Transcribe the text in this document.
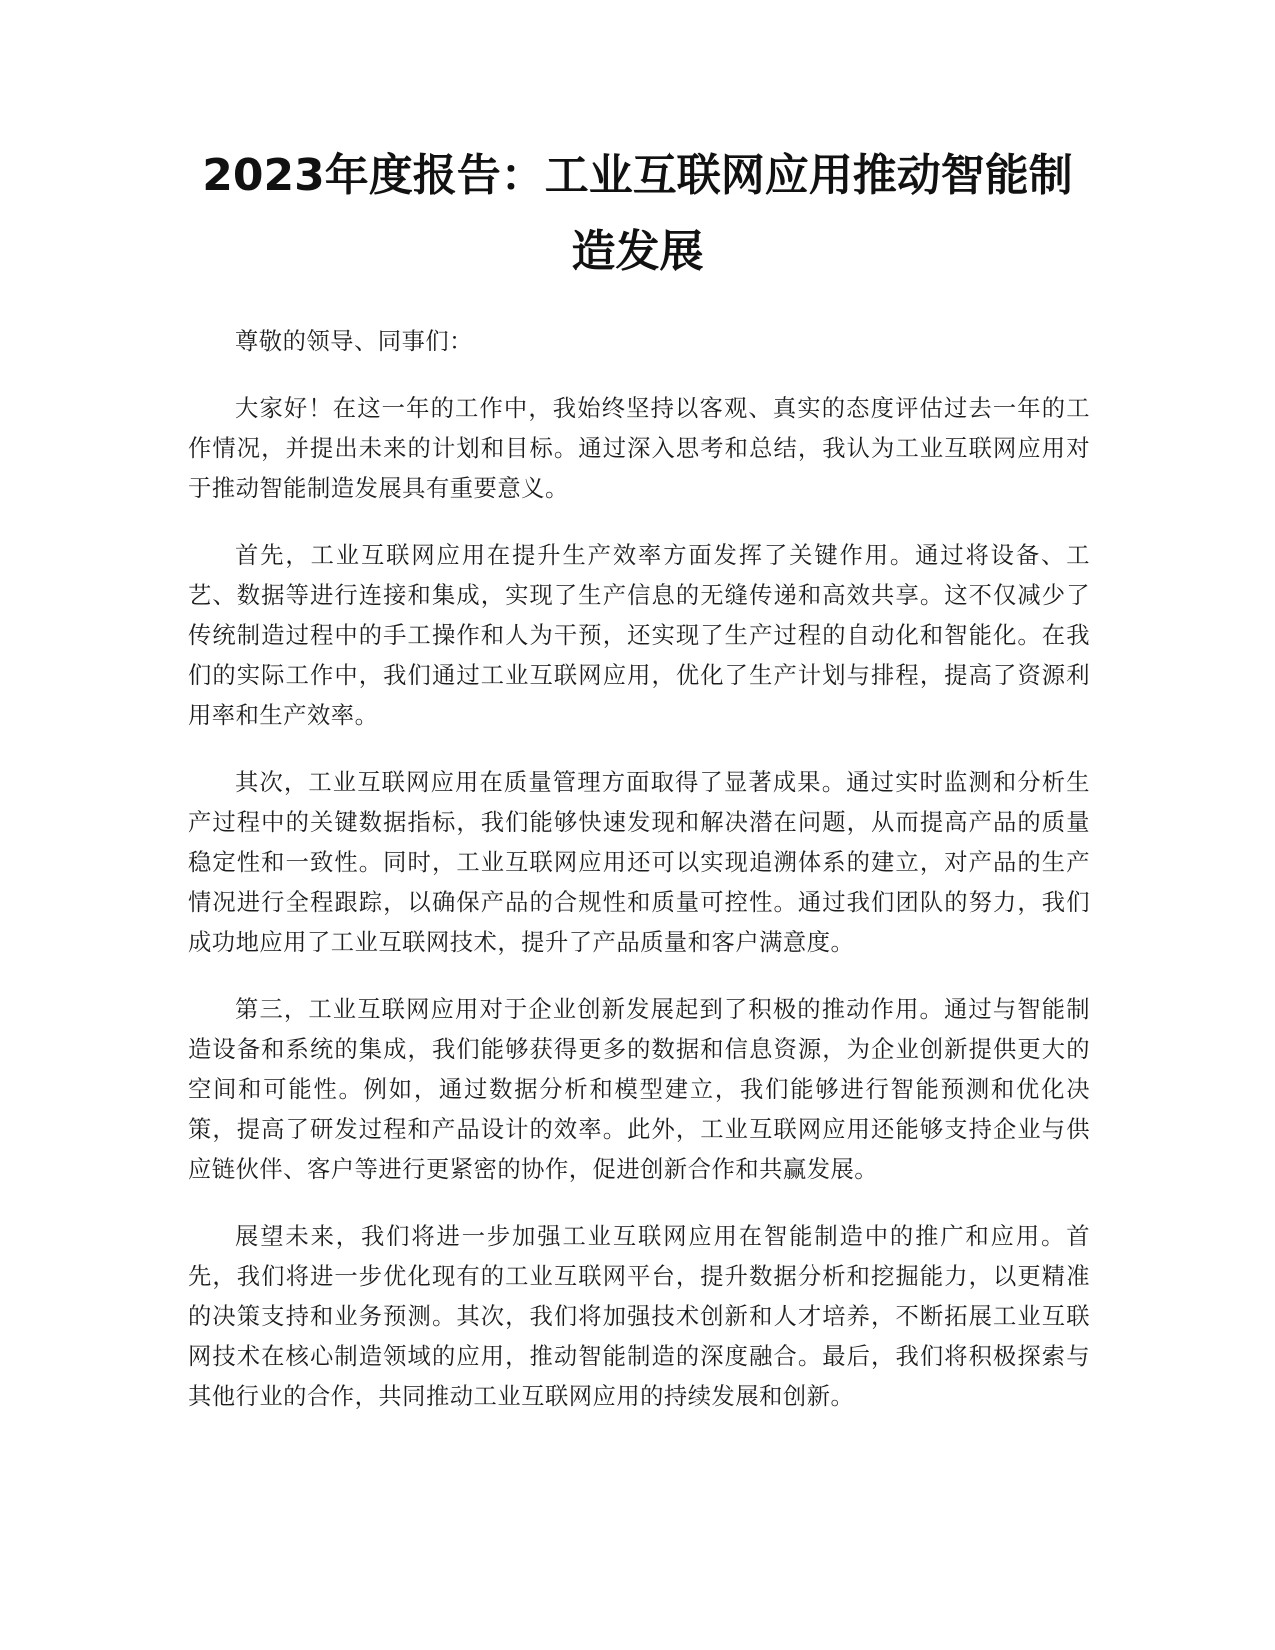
2023年度报告：工业互联网应用推动智能制造发展

尊敬的领导、同事们：

大家好！在这一年的工作中，我始终坚持以客观、真实的态度评估过去一年的工作情况，并提出未来的计划和目标。通过深入思考和总结，我认为工业互联网应用对于推动智能制造发展具有重要意义。

首先，工业互联网应用在提升生产效率方面发挥了关键作用。通过将设备、工艺、数据等进行连接和集成，实现了生产信息的无缝传递和高效共享。这不仅减少了传统制造过程中的手工操作和人为干预，还实现了生产过程的自动化和智能化。在我们的实际工作中，我们通过工业互联网应用，优化了生产计划与排程，提高了资源利用率和生产效率。

其次，工业互联网应用在质量管理方面取得了显著成果。通过实时监测和分析生产过程中的关键数据指标，我们能够快速发现和解决潜在问题，从而提高产品的质量稳定性和一致性。同时，工业互联网应用还可以实现追溯体系的建立，对产品的生产情况进行全程跟踪，以确保产品的合规性和质量可控性。通过我们团队的努力，我们成功地应用了工业互联网技术，提升了产品质量和客户满意度。

第三，工业互联网应用对于企业创新发展起到了积极的推动作用。通过与智能制造设备和系统的集成，我们能够获得更多的数据和信息资源，为企业创新提供更大的空间和可能性。例如，通过数据分析和模型建立，我们能够进行智能预测和优化决策，提高了研发过程和产品设计的效率。此外，工业互联网应用还能够支持企业与供应链伙伴、客户等进行更紧密的协作，促进创新合作和共赢发展。

展望未来，我们将进一步加强工业互联网应用在智能制造中的推广和应用。首先，我们将进一步优化现有的工业互联网平台，提升数据分析和挖掘能力，以更精准的决策支持和业务预测。其次，我们将加强技术创新和人才培养，不断拓展工业互联网技术在核心制造领域的应用，推动智能制造的深度融合。最后，我们将积极探索与其他行业的合作，共同推动工业互联网应用的持续发展和创新。
